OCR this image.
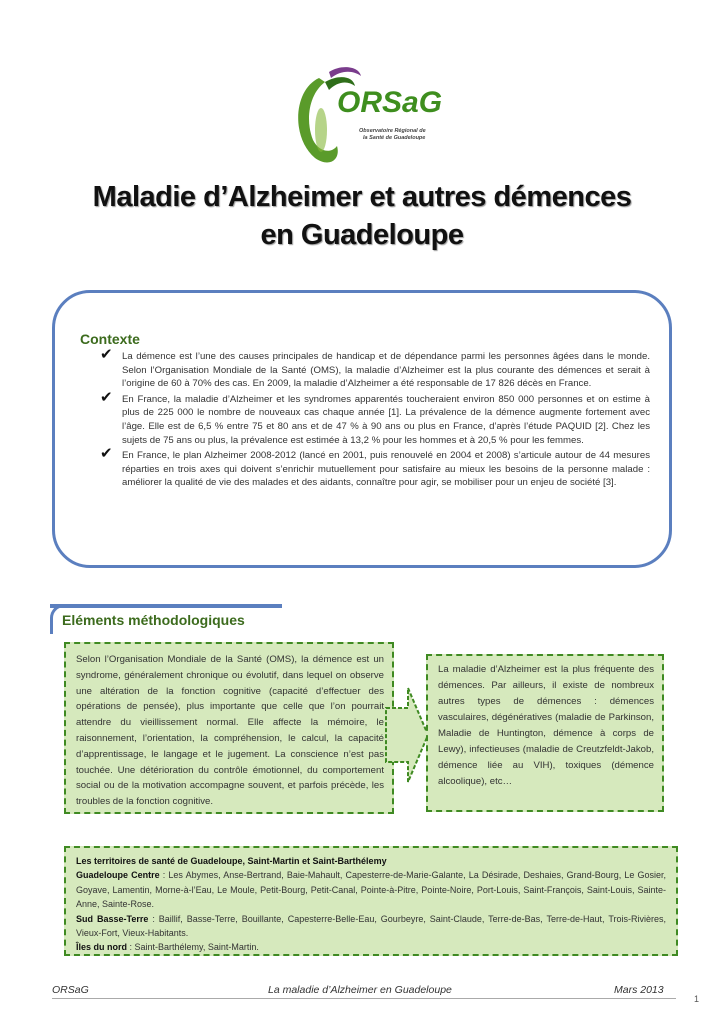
ORSaG
Observatoire Régional de
la Santé de Guadeloupe
Maladie d’Alzheimer et autres démences
en Guadeloupe
Contexte
✔ La démence est l’une des causes principales de handicap et de dépendance parmi les personnes âgées dans le monde. Selon l’Organisation Mondiale de la Santé (OMS), la maladie d’Alzheimer est la plus courante des démences et serait à l’origine de 60 à 70% des cas. En 2009, la maladie d’Alzheimer a été responsable de 17 826 décès en France.
✔ En France, la maladie d’Alzheimer et les syndromes apparentés toucheraient environ 850 000 personnes et on estime à plus de 225 000 le nombre de nouveaux cas chaque année [1]. La prévalence de la démence augmente fortement avec l’âge. Elle est de 6,5 % entre 75 et 80 ans et de 47 % à 90 ans ou plus en France, d’après l’étude PAQUID [2]. Chez les sujets de 75 ans ou plus, la prévalence est estimée à 13,2 % pour les hommes et à 20,5 % pour les femmes.
✔ En France, le plan Alzheimer 2008-2012 (lancé en 2001, puis renouvelé en 2004 et 2008) s’articule autour de 44 mesures réparties en trois axes qui doivent s’enrichir mutuellement pour satisfaire au mieux les besoins de la personne malade : améliorer la qualité de vie des malades et des aidants, connaître pour agir, se mobiliser pour un enjeu de société [3].
Eléments méthodologiques

Selon l’Organisation Mondiale de la Santé (OMS), la démence est un syndrome, généralement chronique ou évolutif, dans lequel on observe une altération de la fonction cognitive (capacité d’effectuer des opérations de pensée), plus importante que celle que l’on pourrait attendre du vieillissement normal. Elle affecte la mémoire, le raisonnement, l’orientation, la compréhension, le calcul, la capacité d’apprentissage, le langage et le jugement. La conscience n’est pas touchée. Une détérioration du contrôle émotionnel, du comportement social ou de la motivation accompagne souvent, et parfois précède, les troubles de la fonction cognitive.

La maladie d’Alzheimer est la plus fréquente des démences. Par ailleurs, il existe de nombreux autres types de démences : démences vasculaires, dégénératives (maladie de Parkinson, Maladie de Huntington, démence à corps de Lewy), infectieuses (maladie de Creutzfeldt-Jakob, démence liée au VIH), toxiques (démence alcoolique), etc…

Les territoires de santé de Guadeloupe, Saint-Martin et Saint-Barthélemy

Guadeloupe Centre : Les Abymes, Anse-Bertrand, Baie-Mahault, Capesterre-de-Marie-Galante, La Désirade, Deshaies, Grand-Bourg, Le Gosier, Goyave, Lamentin, Morne-à-l’Eau, Le Moule, Petit-Bourg, Petit-Canal, Pointe-à-Pitre, Pointe-Noire, Port-Louis, Saint-François, Saint-Louis, Sainte-Anne, Sainte-Rose.

Sud Basse-Terre : Baillif, Basse-Terre, Bouillante, Capesterre-Belle-Eau, Gourbeyre, Saint-Claude, Terre-de-Bas, Terre-de-Haut, Trois-Rivières, Vieux-Fort, Vieux-Habitants.

Îles du nord : Saint-Barthélemy, Saint-Martin.

ORSaG	La maladie d’Alzheimer en Guadeloupe	Mars 2013
1
